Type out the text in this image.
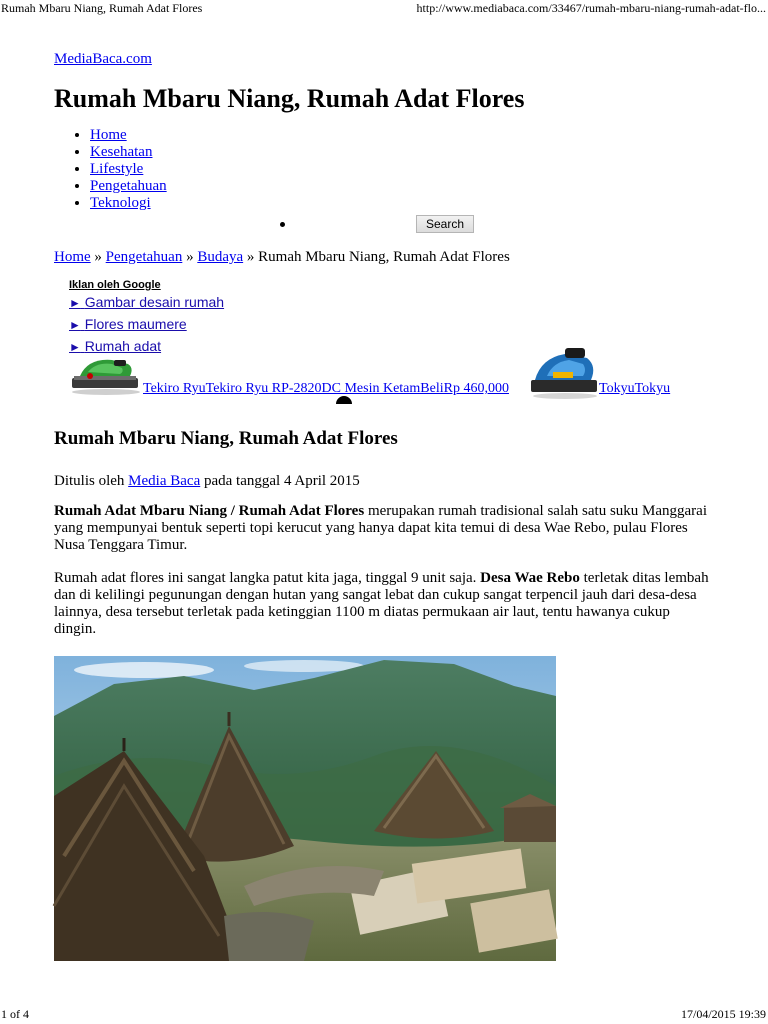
Rumah Mbaru Niang, Rumah Adat Flores	http://www.mediabaca.com/33467/rumah-mbaru-niang-rumah-adat-flo...
MediaBaca.com
Rumah Mbaru Niang, Rumah Adat Flores
• Home
• Kesehatan
• Lifestyle
• Pengetahuan
• Teknologi
Search
Home » Pengetahuan » Budaya » Rumah Mbaru Niang, Rumah Adat Flores
Iklan oleh Google
► Gambar desain rumah
► Flores maumere
► Rumah adat
Tekiro RyuTekiro Ryu RP-2820DC Mesin KetamBeliRp 460,000	TokyuTokyu
Rumah Mbaru Niang, Rumah Adat Flores
Ditulis oleh Media Baca pada tanggal 4 April 2015

Rumah Adat Mbaru Niang / Rumah Adat Flores merupakan rumah tradisional salah satu suku Manggarai yang mempunyai bentuk seperti topi kerucut yang hanya dapat kita temui di desa Wae Rebo, pulau Flores Nusa Tenggara Timur.

Rumah adat flores ini sangat langka patut kita jaga, tinggal 9 unit saja. Desa Wae Rebo terletak ditas lembah dan di kelilingi pegunungan dengan hutan yang sangat lebat dan cukup sangat terpencil jauh dari desa-desa lainnya, desa tersebut terletak pada ketinggian 1100 m diatas permukaan air laut, tentu hawanya cukup dingin.

1 of 4	17/04/2015 19:39
